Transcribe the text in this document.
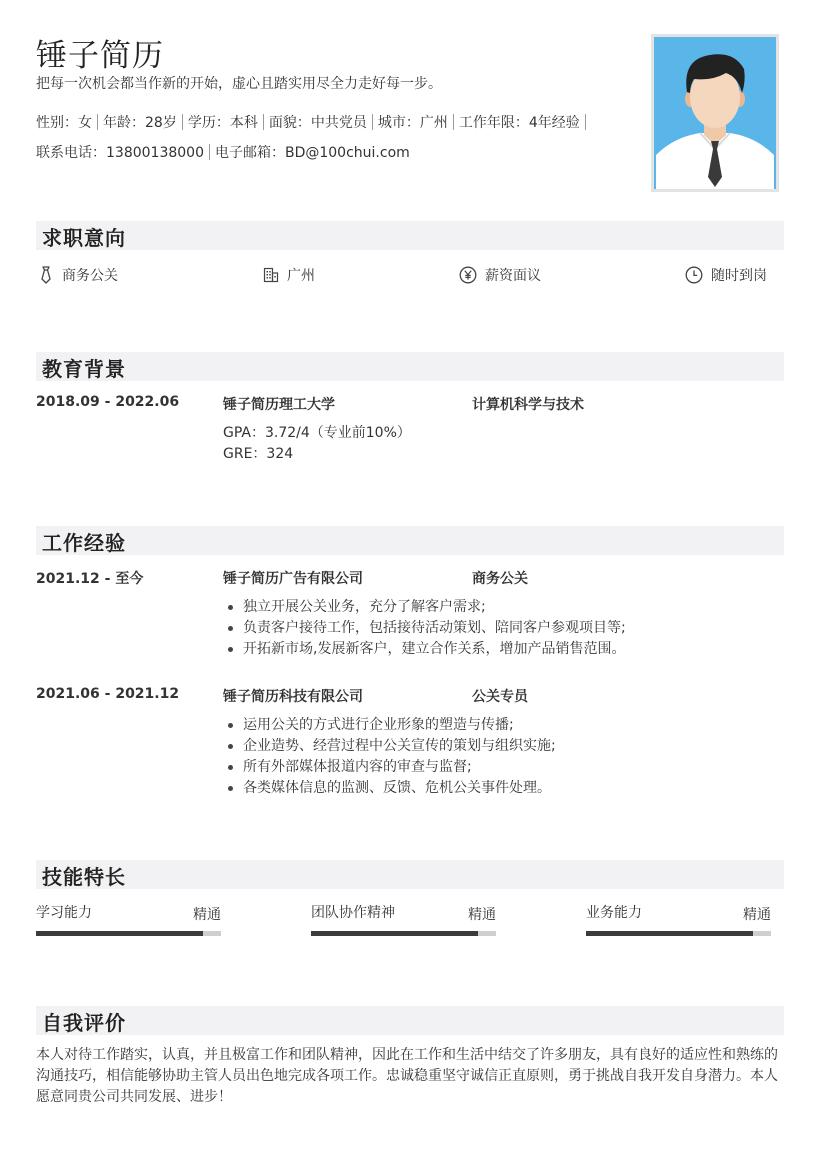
锤子简历
把每一次机会都当作新的开始，虚心且踏实用尽全力走好每一步。
性别：女 年龄：28岁 学历：本科 面貌：中共党员 城市：广州 工作年限：4年经验
联系电话：13800138000 电子邮箱：BD@100chui.com
求职意向
商务公关	广州	薪资面议	随时到岗
教育背景
2018.09 - 2022.06	锤子简历理工大学	计算机科学与技术
GPA：3.72/4（专业前10%）
GRE：324
工作经验
2021.12 - 至今	锤子简历广告有限公司	商务公关
独立开展公关业务，充分了解客户需求;
负责客户接待工作，包括接待活动策划、陪同客户参观项目等;
开拓新市场,发展新客户，建立合作关系，增加产品销售范围。
2021.06 - 2021.12	锤子简历科技有限公司	公关专员
运用公关的方式进行企业形象的塑造与传播;
企业造势、经营过程中公关宣传的策划与组织实施;
所有外部媒体报道内容的审查与监督;
各类媒体信息的监测、反馈、危机公关事件处理。
技能特长
学习能力	精通	团队协作精神	精通	业务能力	精通
自我评价
本人对待工作踏实，认真，并且极富工作和团队精神，因此在工作和生活中结交了许多朋友，具有良好的适应性和熟练的沟通技巧，相信能够协助主管人员出色地完成各项工作。忠诚稳重坚守诚信正直原则，勇于挑战自我开发自身潜力。本人愿意同贵公司共同发展、进步！
